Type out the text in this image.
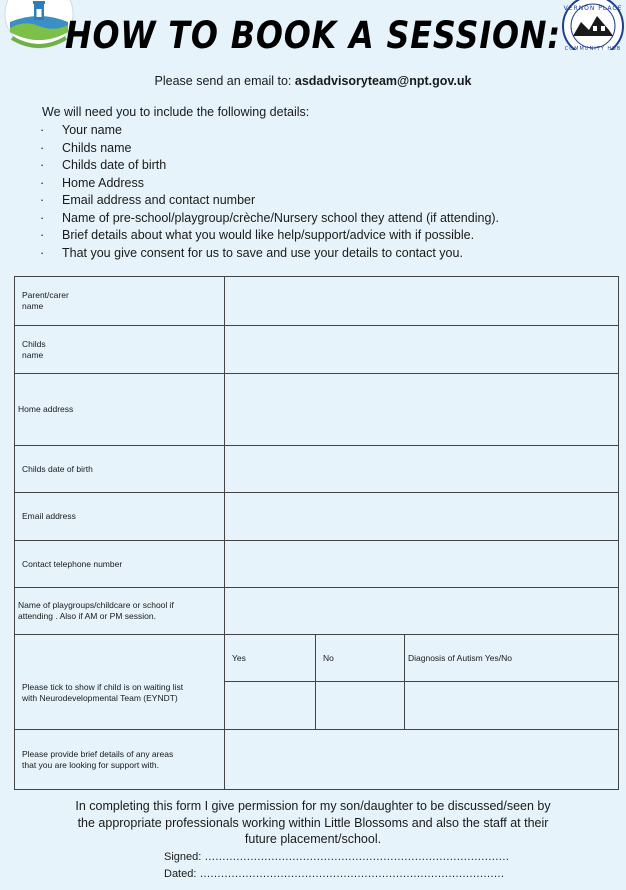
VERNON PLACE
COMMUNITY HUB
HOW TO BOOK A SESSION:
Please send an email to: asdadvisoryteam@npt.gov.uk
We will need you to include the following details:
· Your name
· Childs name
· Childs date of birth
· Home Address
· Email address and contact number
· Name of pre-school/playgroup/crèche/Nursery school they attend (if attending).
· Brief details about what you would like help/support/advice with if possible.
· That you give consent for us to save and use your details to contact you.
Parent/carer
name			

Childs
name			

Home address			
Childs date of birth			
Email address			
Contact telephone number			

Name of playgroups/childcare or school if
attending . Also if AM or PM session.			

Please tick to show if child is on waiting list
with Neurodevelopmental Team (EYNDT)	Yes	No	Diagnosis of Autism Yes/No

Please provide brief details of any areas
that you are looking for support with.			

In completing this form I give permission for my son/daughter to be discussed/seen by
the appropriate professionals working within Little Blossoms and also the staff at their
future placement/school.
Signed: ……………………………………………………………………………
Dated: ……………………………………………………………………………
